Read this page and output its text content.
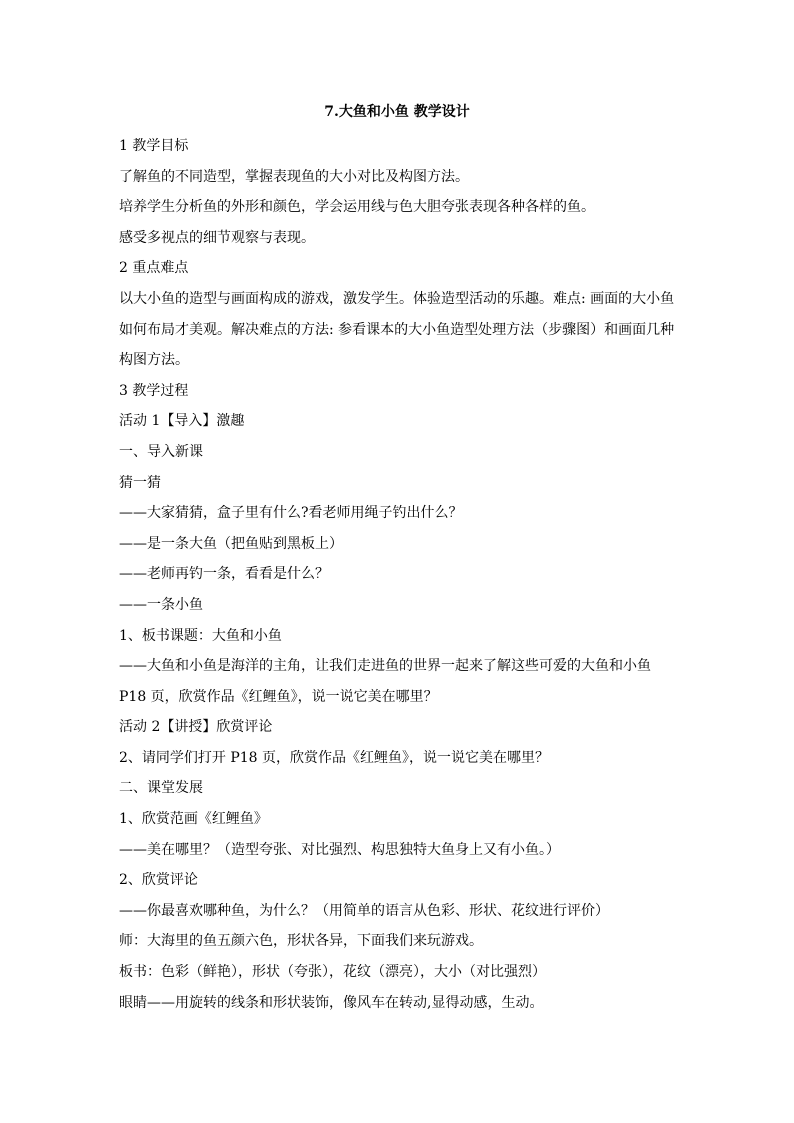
7.大鱼和小鱼 教学设计

1 教学目标

了解鱼的不同造型，掌握表现鱼的大小对比及构图方法。

培养学生分析鱼的外形和颜色，学会运用线与色大胆夸张表现各种各样的鱼。

感受多视点的细节观察与表现。

2 重点难点

以大小鱼的造型与画面构成的游戏，激发学生。体验造型活动的乐趣。难点: 画面的大小鱼

如何布局才美观。解决难点的方法: 参看课本的大小鱼造型处理方法（步骤图）和画面几种

构图方法。

3 教学过程

活动 1【导入】激趣

一、导入新课

猜一猜

——大家猜猜，盒子里有什么?看老师用绳子钓出什么？

——是一条大鱼（把鱼贴到黑板上）

——老师再钓一条，看看是什么？

——一条小鱼

1、板书课题：大鱼和小鱼

——大鱼和小鱼是海洋的主角，让我们走进鱼的世界一起来了解这些可爱的大鱼和小鱼

P18 页，欣赏作品《红鲤鱼》，说一说它美在哪里？

活动 2【讲授】欣赏评论

2、请同学们打开 P18 页，欣赏作品《红鲤鱼》，说一说它美在哪里？

二、课堂发展

1、欣赏范画《红鲤鱼》

——美在哪里？（造型夸张、对比强烈、构思独特大鱼身上又有小鱼。）

2、欣赏评论

——你最喜欢哪种鱼，为什么？（用简单的语言从色彩、形状、花纹进行评价）

师：大海里的鱼五颜六色，形状各异，下面我们来玩游戏。

板书：色彩（鲜艳），形状（夸张），花纹（漂亮），大小（对比强烈）

眼睛——用旋转的线条和形状装饰，像风车在转动,显得动感，生动。
